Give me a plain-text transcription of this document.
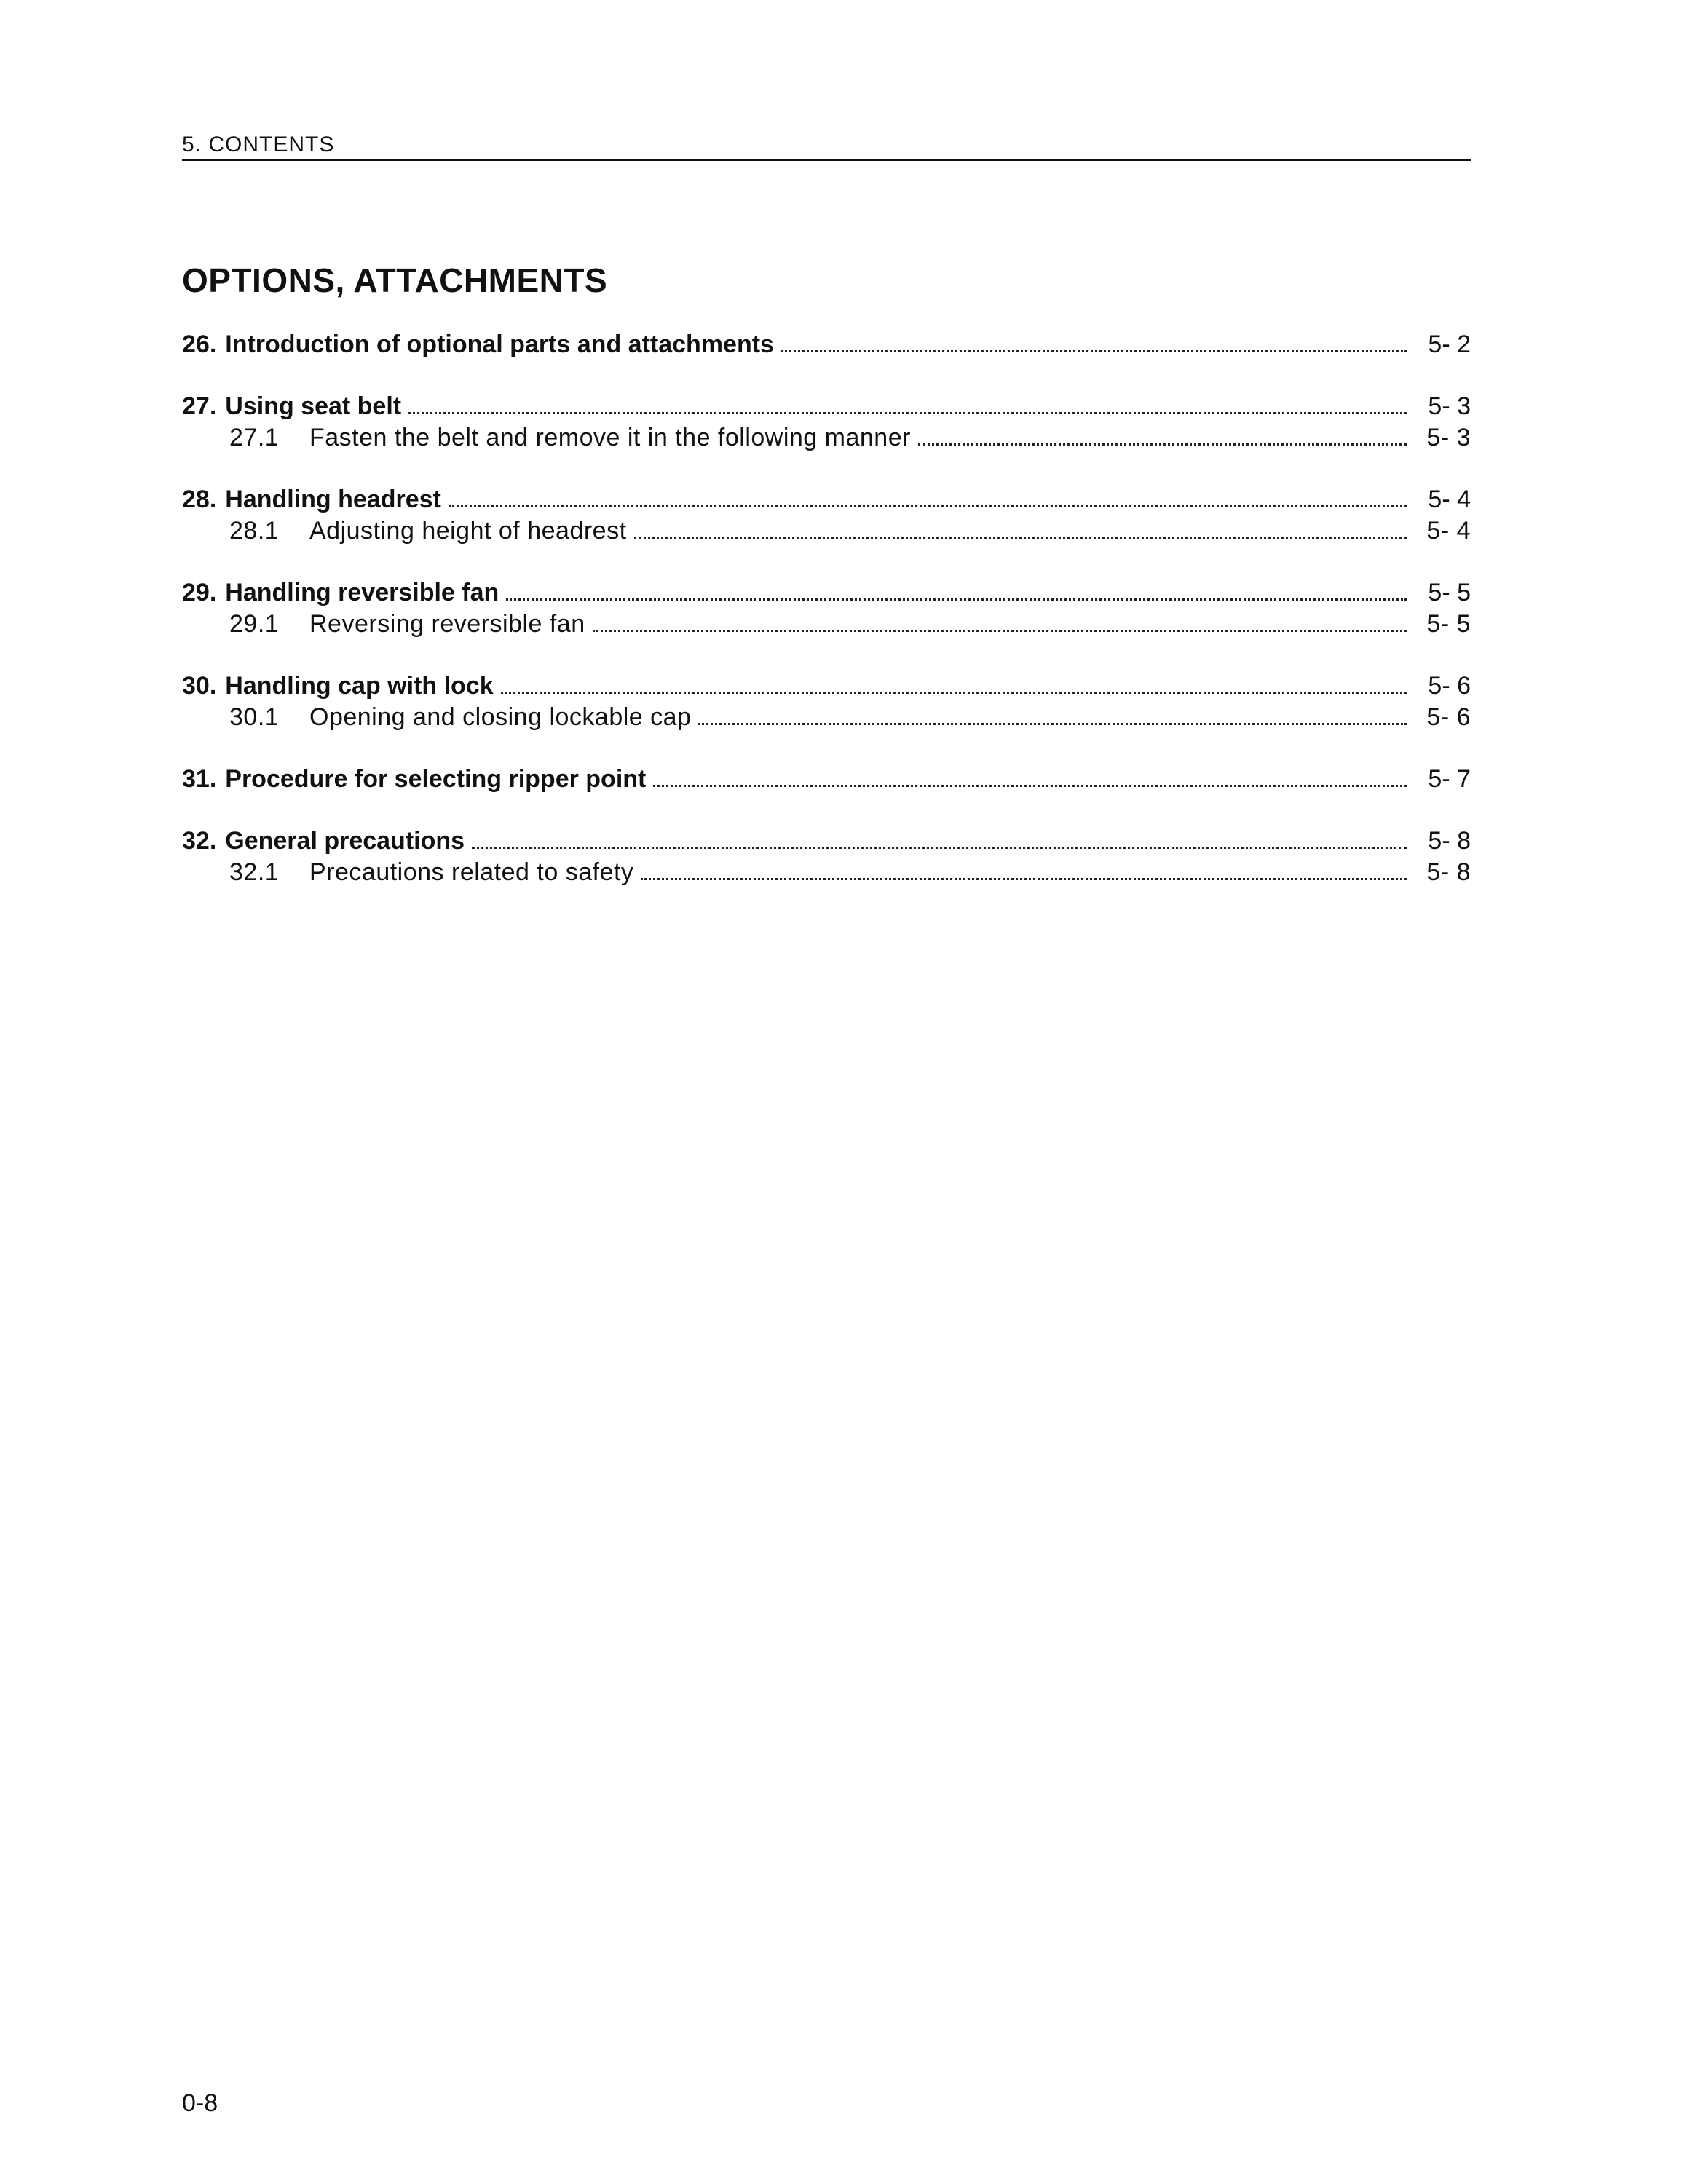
5. CONTENTS
OPTIONS, ATTACHMENTS
26. Introduction of optional parts and attachments	5- 2
27. Using seat belt	5- 3
27.1	Fasten the belt and remove it in the following manner	5- 3
28. Handling headrest	5- 4
28.1	Adjusting height of headrest	5- 4
29. Handling reversible fan	5- 5
29.1	Reversing reversible fan	5- 5
30. Handling cap with lock	5- 6
30.1	Opening and closing lockable cap	5- 6
31. Procedure for selecting ripper point	5- 7
32. General precautions	5- 8
32.1	Precautions related to safety	5- 8
0-8
